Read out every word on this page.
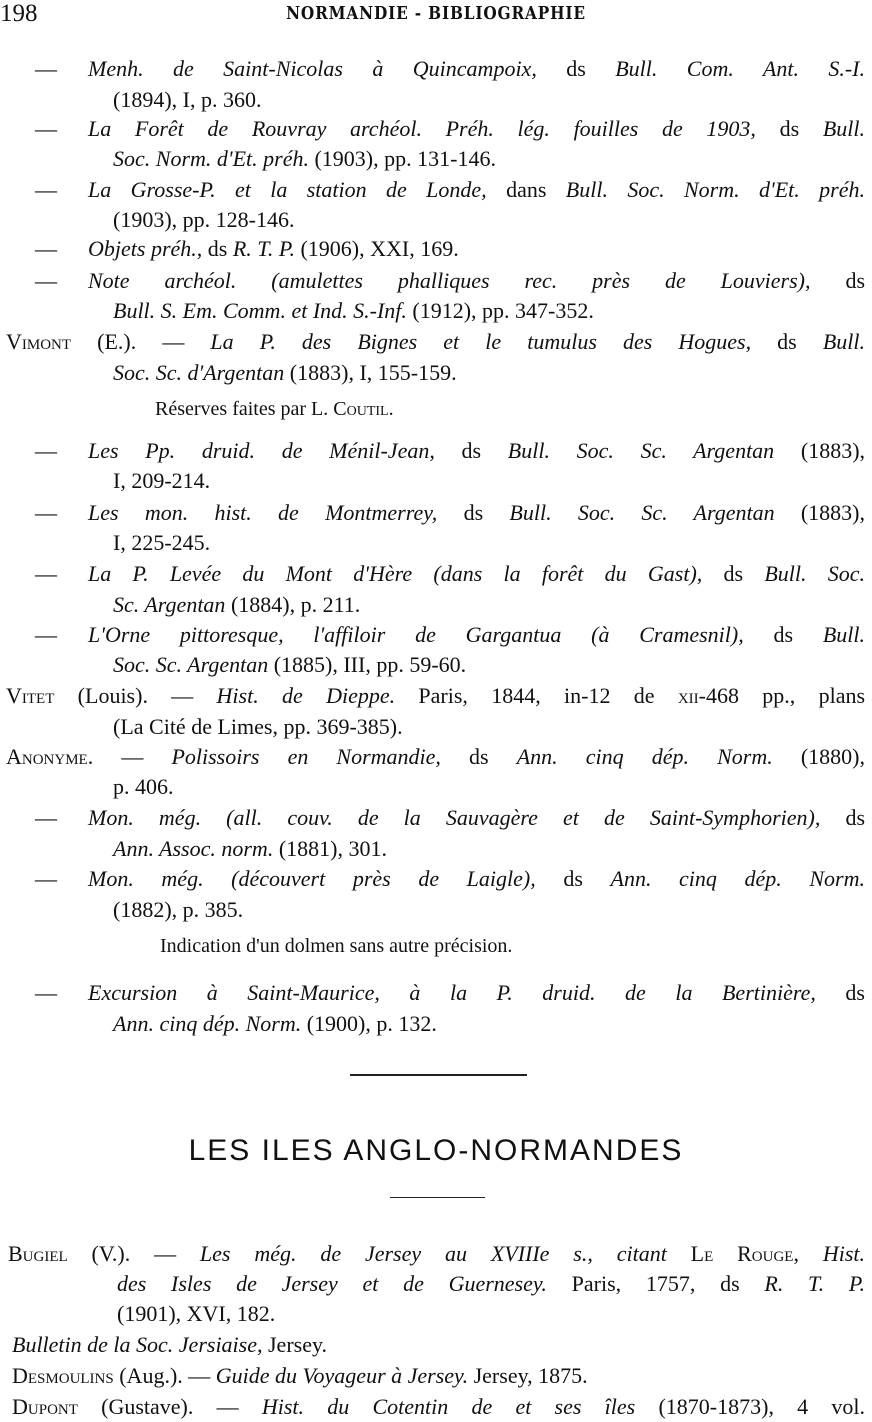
198	NORMANDIE - BIBLIOGRAPHIE
— Menh. de Saint-Nicolas à Quincampoix, ds Bull. Com. Ant. S.-I.
(1894), I, p. 360.
— La Forêt de Rouvray archéol. Préh. lég. fouilles de 1903, ds Bull.
Soc. Norm. d'Et. préh. (1903), pp. 131-146.
— La Grosse-P. et la station de Londe, dans Bull. Soc. Norm. d'Et. préh.
(1903), pp. 128-146.
— Objets préh., ds R. T. P. (1906), XXI, 169.
— Note archéol. (amulettes phalliques rec. près de Louviers), ds
Bull. S. Em. Comm. et Ind. S.-Inf. (1912), pp. 347-352.
Vimont (E.). — La P. des Bignes et le tumulus des Hogues, ds Bull.
Soc. Sc. d'Argentan (1883), I, 155-159.
Réserves faites par L. Coutil.
— Les Pp. druid. de Ménil-Jean, ds Bull. Soc. Sc. Argentan (1883),
I, 209-214.
— Les mon. hist. de Montmerrey, ds Bull. Soc. Sc. Argentan (1883),
I, 225-245.
— La P. Levée du Mont d'Hère (dans la forêt du Gast), ds Bull. Soc.
Sc. Argentan (1884), p. 211.
— L'Orne pittoresque, l'affiloir de Gargantua (à Cramesnil), ds Bull.
Soc. Sc. Argentan (1885), III, pp. 59-60.
Vitet (Louis). — Hist. de Dieppe. Paris, 1844, in-12 de xii-468 pp., plans
(La Cité de Limes, pp. 369-385).
Anonyme. — Polissoirs en Normandie, ds Ann. cinq dép. Norm. (1880),
p. 406.
— Mon. még. (all. couv. de la Sauvagère et de Saint-Symphorien), ds
Ann. Assoc. norm. (1881), 301.
— Mon. még. (découvert près de Laigle), ds Ann. cinq dép. Norm.
(1882), p. 385.
Indication d'un dolmen sans autre précision.
— Excursion à Saint-Maurice, à la P. druid. de la Bertinière, ds
Ann. cinq dép. Norm. (1900), p. 132.
Bugiel (V.). — Les még. de Jersey au XVIIIe s., citant Le Rouge, Hist.
des Isles de Jersey et de Guernesey. Paris, 1757, ds R. T. P.
(1901), XVI, 182.
Bulletin de la Soc. Jersiaise, Jersey.
Desmoulins (Aug.). — Guide du Voyageur à Jersey. Jersey, 1875.
Dupont (Gustave). — Hist. du Cotentin de et ses îles (1870-1873), 4 vol.
LES ILES ANGLO-NORMANDES
